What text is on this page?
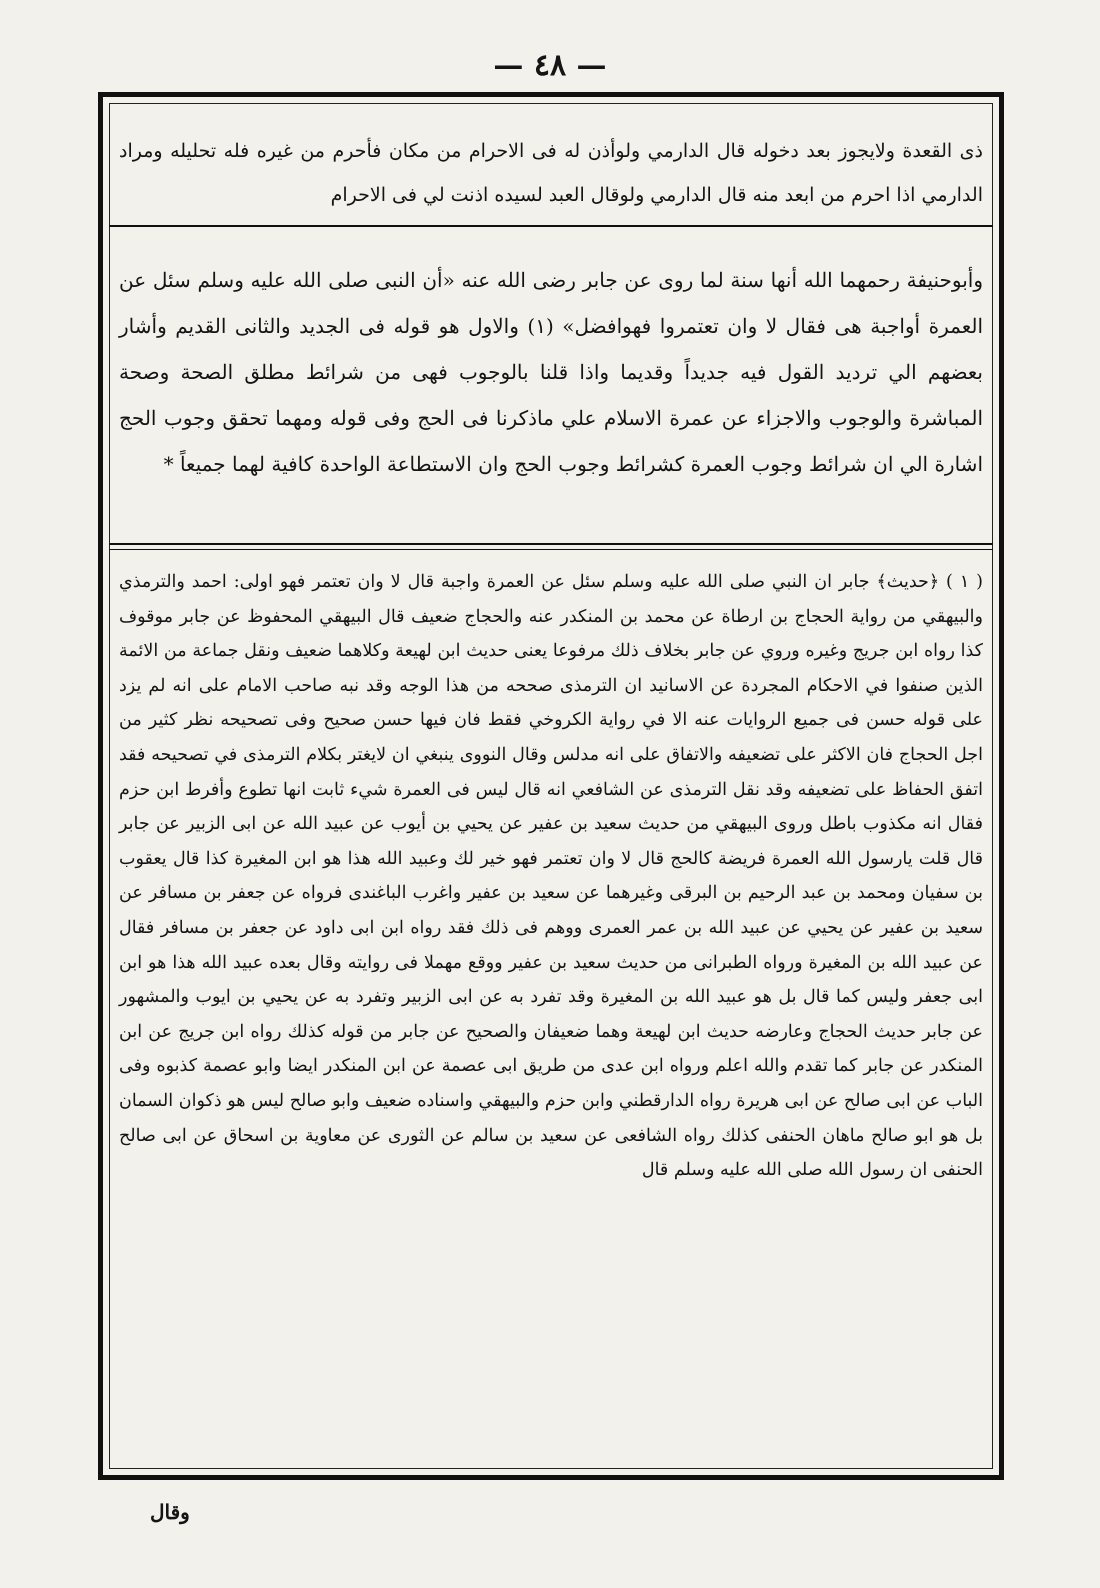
— ٤٨ —

ذى القعدة ولايجوز بعد دخوله قال الدارمي ولوأذن له فى الاحرام من مكان فأحرم من غيره فله تحليله ومراد الدارمي اذا احرم من ابعد منه قال الدارمي ولوقال العبد لسيده اذنت لي فى الاحرام

وأبوحنيفة رحمهما الله أنها سنة لما روى عن جابر رضى الله عنه «أن النبى صلى الله عليه وسلم سئل عن العمرة أواجبة هى فقال لا وان تعتمروا فهوافضل» (١) والاول هو قوله فى الجديد والثانى القديم وأشار بعضهم الي ترديد القول فيه جديداً وقديما واذا قلنا بالوجوب فهى من شرائط مطلق الصحة وصحة المباشرة والوجوب والاجزاء عن عمرة الاسلام علي ماذكرنا فى الحج وفى قوله ومهما تحقق وجوب الحج اشارة الي ان شرائط وجوب العمرة كشرائط وجوب الحج وان الاستطاعة الواحدة كافية لهما جميعاً *

( ١ ) ﴿حديث﴾ جابر ان النبي صلى الله عليه وسلم سئل عن العمرة واجبة قال لا وان تعتمر فهو اولى: احمد والترمذي والبيهقي من رواية الحجاج بن ارطاة عن محمد بن المنكدر عنه والحجاج ضعيف قال البيهقي المحفوظ عن جابر موقوف كذا رواه ابن جريج وغيره وروي عن جابر بخلاف ذلك مرفوعا يعنى حديث ابن لهيعة وكلاهما ضعيف ونقل جماعة من الائمة الذين صنفوا في الاحكام المجردة عن الاسانيد ان الترمذى صححه من هذا الوجه وقد نبه صاحب الامام على انه لم يزد على قوله حسن فى جميع الروايات عنه الا في رواية الكروخي فقط فان فيها حسن صحيح وفى تصحيحه نظر كثير من اجل الحجاج فان الاكثر على تضعيفه والاتفاق على انه مدلس وقال النووى ينبغي ان لايغتر بكلام الترمذى في تصحيحه فقد اتفق الحفاظ على تضعيفه وقد نقل الترمذى عن الشافعي انه قال ليس فى العمرة شيء ثابت انها تطوع وأفرط ابن حزم فقال انه مكذوب باطل وروى البيهقي من حديث سعيد بن عفير عن يحيي بن أيوب عن عبيد الله عن ابى الزبير عن جابر قال قلت يارسول الله العمرة فريضة كالحج قال لا وان تعتمر فهو خير لك وعبيد الله هذا هو ابن المغيرة كذا قال يعقوب بن سفيان ومحمد بن عبد الرحيم بن البرقى وغيرهما عن سعيد بن عفير واغرب الباغندى فرواه عن جعفر بن مسافر عن سعيد بن عفير عن يحيي عن عبيد الله بن عمر العمرى ووهم فى ذلك فقد رواه ابن ابى داود عن جعفر بن مسافر فقال عن عبيد الله بن المغيرة ورواه الطبرانى من حديث سعيد بن عفير ووقع مهملا فى روايته وقال بعده عبيد الله هذا هو ابن ابى جعفر وليس كما قال بل هو عبيد الله بن المغيرة وقد تفرد به عن ابى الزبير وتفرد به عن يحيي بن ايوب والمشهور عن جابر حديث الحجاج وعارضه حديث ابن لهيعة وهما ضعيفان والصحيح عن جابر من قوله كذلك رواه ابن جريج عن ابن المنكدر عن جابر كما تقدم والله اعلم ورواه ابن عدى من طريق ابى عصمة عن ابن المنكدر ايضا وابو عصمة كذبوه وفى الباب عن ابى صالح عن ابى هريرة رواه الدارقطني وابن حزم والبيهقي واسناده ضعيف وابو صالح ليس هو ذكوان السمان بل هو ابو صالح ماهان الحنفى كذلك رواه الشافعى عن سعيد بن سالم عن الثورى عن معاوية بن اسحاق عن ابى صالح الحنفى ان رسول الله صلى الله عليه وسلم قال

وقال
